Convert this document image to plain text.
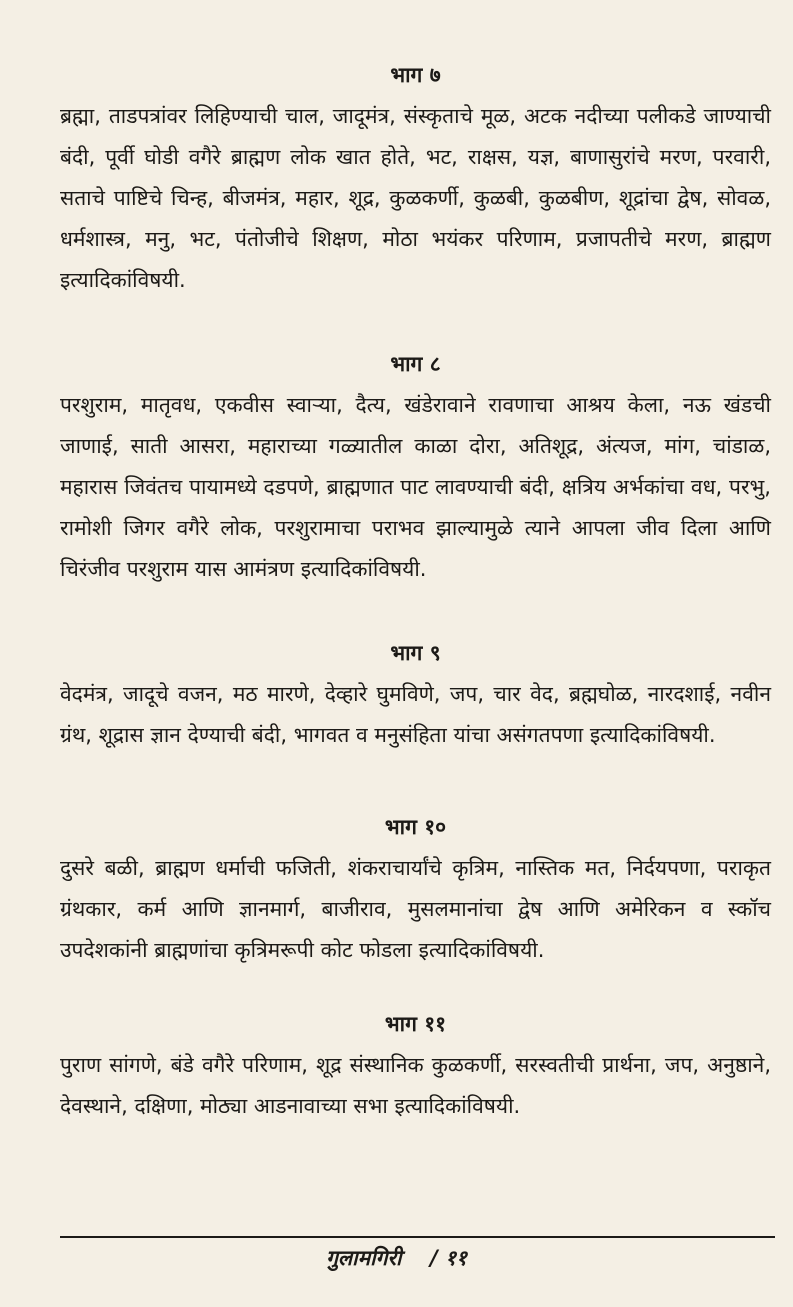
भाग ७

ब्रह्मा, ताडपत्रांवर लिहिण्याची चाल, जादूमंत्र, संस्कृताचे मूळ, अटक नदीच्या पलीकडे जाण्याची बंदी, पूर्वी घोडी वगैरे ब्राह्मण लोक खात होते, भट, राक्षस, यज्ञ, बाणासुरांचे मरण, परवारी, सताचे पाष्टिचे चिन्ह, बीजमंत्र, महार, शूद्र, कुळकर्णी, कुळबी, कुळबीण, शूद्रांचा द्वेष, सोवळ, धर्मशास्त्र, मनु, भट, पंतोजीचे शिक्षण, मोठा भयंकर परिणाम, प्रजापतीचे मरण, ब्राह्मण इत्यादिकांविषयी.

भाग ८

परशुराम, मातृवध, एकवीस स्वाऱ्या, दैत्य, खंडेरावाने रावणाचा आश्रय केला, नऊ खंडची जाणाई, साती आसरा, महाराच्या गळ्यातील काळा दोरा, अतिशूद्र, अंत्यज, मांग, चांडाळ, महारास जिवंतच पायामध्ये दडपणे, ब्राह्मणात पाट लावण्याची बंदी, क्षत्रिय अर्भकांचा वध, परभु, रामोशी जिगर वगैरे लोक, परशुरामाचा पराभव झाल्यामुळे त्याने आपला जीव दिला आणि चिरंजीव परशुराम यास आमंत्रण इत्यादिकांविषयी.

भाग ९

वेदमंत्र, जादूचे वजन, मठ मारणे, देव्हारे घुमविणे, जप, चार वेद, ब्रह्मघोळ, नारदशाई, नवीन ग्रंथ, शूद्रास ज्ञान देण्याची बंदी, भागवत व मनुसंहिता यांचा असंगतपणा इत्यादिकांविषयी.

भाग १०

दुसरे बळी, ब्राह्मण धर्माची फजिती, शंकराचार्यांचे कृत्रिम, नास्तिक मत, निर्दयपणा, पराकृत ग्रंथकार, कर्म आणि ज्ञानमार्ग, बाजीराव, मुसलमानांचा द्वेष आणि अमेरिकन व स्कॉच उपदेशकांनी ब्राह्मणांचा कृत्रिमरूपी कोट फोडला इत्यादिकांविषयी.

भाग ११

पुराण सांगणे, बंडे वगैरे परिणाम, शूद्र संस्थानिक कुळकर्णी, सरस्वतीची प्रार्थना, जप, अनुष्ठाने, देवस्थाने, दक्षिणा, मोठ्या आडनावाच्या सभा इत्यादिकांविषयी.

गुलामगिरी / ११
